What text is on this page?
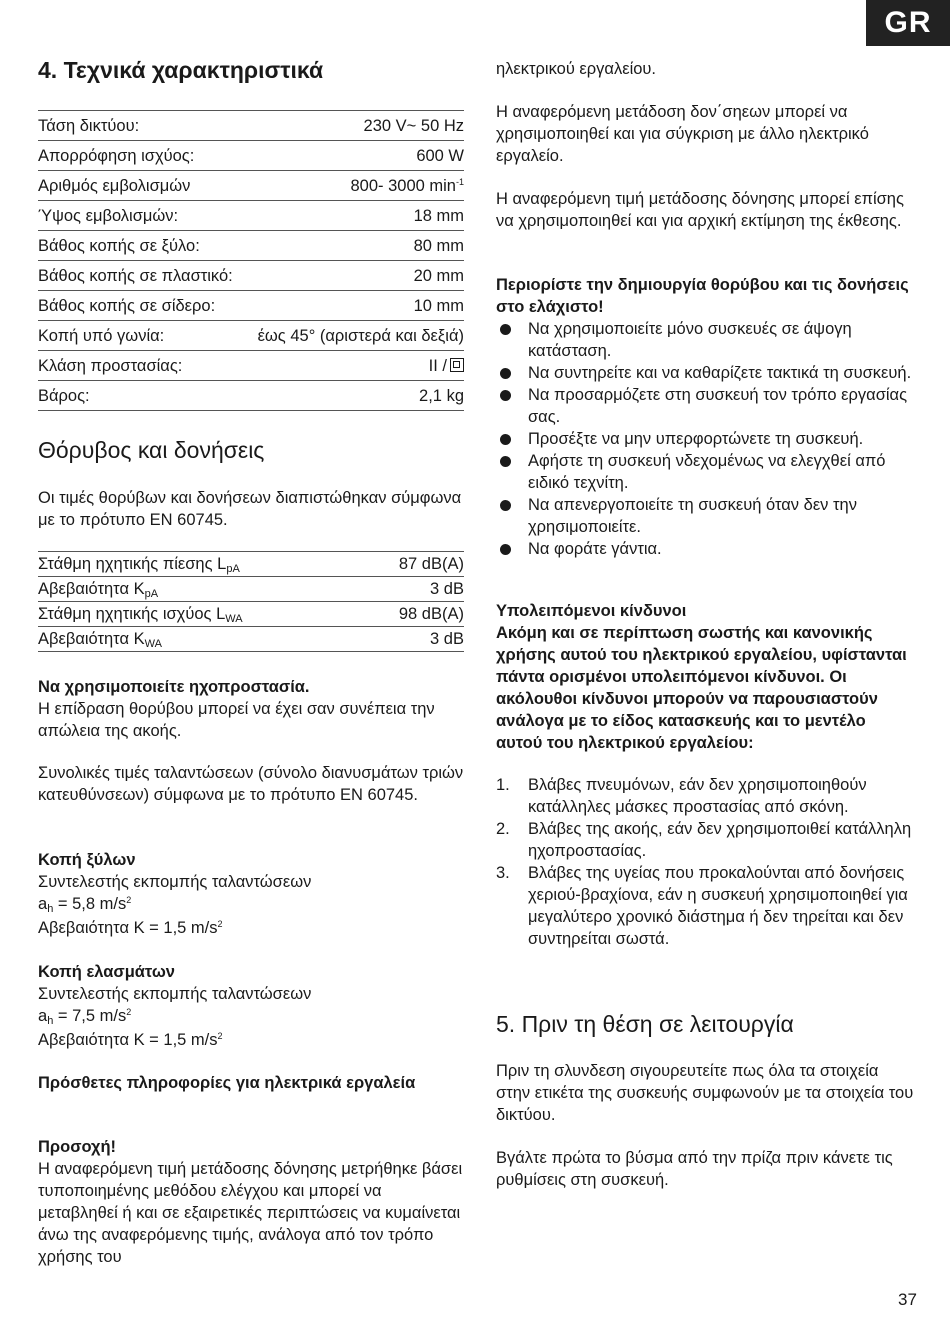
GR
4. Τεχνικά χαρακτηριστικά
Τάση δικτύου:	230 V~ 50 Hz
Απορρόφηση ισχύος:	600 W
Αριθμός εμβολισμών	800- 3000 $\min^{-1}$
Ύψος εμβολισμών:	18 mm
Βάθος κοπής σε ξύλο:	80 mm
Βάθος κοπής σε πλαστικό:	20 mm
Βάθος κοπής σε σίδερο:	10 mm
Κοπή υπό γωνία:	έως 45° (αριστερά και δεξιά)
Κλάση προστασίας:	II /
Βάρος:	2,1 kg
Θόρυβος και δονήσεις

Οι τιμές θορύβων και δονήσεων διαπιστώθηκαν σύμφωνα με το πρότυπο EN 60745.

Στάθμη ηχητικής πίεσης $L_{pA}$	87 dB(A)
Αβεβαιότητα $K_{pA}$	3 dB
Στάθμη ηχητικής ισχύος $L_{WA}$	98 dB(A)
Αβεβαιότητα $K_{WA}$	3 dB

Να χρησιμοποιείτε ηχοπροστασία.

Η επίδραση θορύβου μπορεί να έχει σαν συνέπεια την απώλεια της ακοής.

Συνολικές τιμές ταλαντώσεων (σύνολο διανυσμάτων τριών κατευθύνσεων) σύμφωνα με το πρότυπο EN 60745.

Κοπή ξύλων

Συντελεστής εκπομπής ταλαντώσεων

$a_h = 5,8$ $m/s^2$

Αβεβαιότητα K = 1,5 $m/s^2$

Κοπή ελασμάτων

Συντελεστής εκπομπής ταλαντώσεων

$a_h = 7,5$ $m/s^2$

Αβεβαιότητα K = 1,5 $m/s^2$

Πρόσθετες πληροφορίες για ηλεκτρικά εργαλεία

Προσοχή!

Η αναφερόμενη τιμή μετάδοσης δόνησης μετρήθηκε βάσει τυποποιημένης μεθόδου ελέγχου και μπορεί να μεταβληθεί ή και σε εξαιρετικές περιπτώσεις να κυμαίνεται άνω της αναφερόμενης τιμής, ανάλογα από τον τρόπο χρήσης του

ηλεκτρικού εργαλείου.

Η αναφερόμενη μετάδοση δον΄σηεων μπορεί να χρησιμοποιηθεί και για σύγκριση με άλλο ηλεκτρικό εργαλείο.

Η αναφερόμενη τιμή μετάδοσης δόνησης μπορεί επίσης να χρησιμοποιηθεί και για αρχική εκτίμηση της έκθεσης.

Περιορίστε την δημιουργία θορύβου και τις δονήσεις στο ελάχιστο!

Να χρησιμοποιείτε μόνο συσκευές σε άψογη κατάσταση.
Να συντηρείτε και να καθαρίζετε τακτικά τη συσκευή.
Να προσαρμόζετε στη συσκευή τον τρόπο εργασίας σας.
Προσέξτε να μην υπερφορτώνετε τη συσκευή.
Αφήστε τη συσκευή νδεχομένως να ελεγχθεί από ειδικό τεχνίτη.
Να απενεργοποιείτε τη συσκευή όταν δεν την χρησιμοποιείτε.
Να φοράτε γάντια.

Υπολειπόμενοι κίνδυνοι

Ακόμη και σε περίπτωση σωστής και κανονικής χρήσης αυτού του ηλεκτρικού εργαλείου, υφίστανται πάντα ορισμένοι υπολειπόμενοι κίνδυνοι. Οι ακόλουθοι κίνδυνοι μπορούν να παρουσιαστούν ανάλογα με το είδος κατασκευής και το μεντέλο αυτού του ηλεκτρικού εργαλείου:

1. Βλάβες πνευμόνων, εάν δεν χρησιμοποιηθούν κατάλληλες μάσκες προστασίας από σκόνη.
2. Βλάβες της ακοής, εάν δεν χρησιμοποιθεί κατάλληλη ηχοπροστασίας.
3. Βλάβες της υγείας που προκαλούνται από δονήσεις χεριού-βραχίονα, εάν η συσκευή χρησιμοποιηθεί για μεγαλύτερο χρονικό διάστημα ή δεν τηρείται και δεν συντηρείται σωστά.
5. Πριν τη θέση σε λειτουργία

Πριν τη σλυνδεση σιγουρευτείτε πως όλα τα στοιχεία στην ετικέτα της συσκευής συμφωνούν με τα στοιχεία του δικτύου.

Βγάλτε πρώτα το βύσμα από την πρίζα πριν κάνετε τις ρυθμίσεις στη συσκευή.

37
